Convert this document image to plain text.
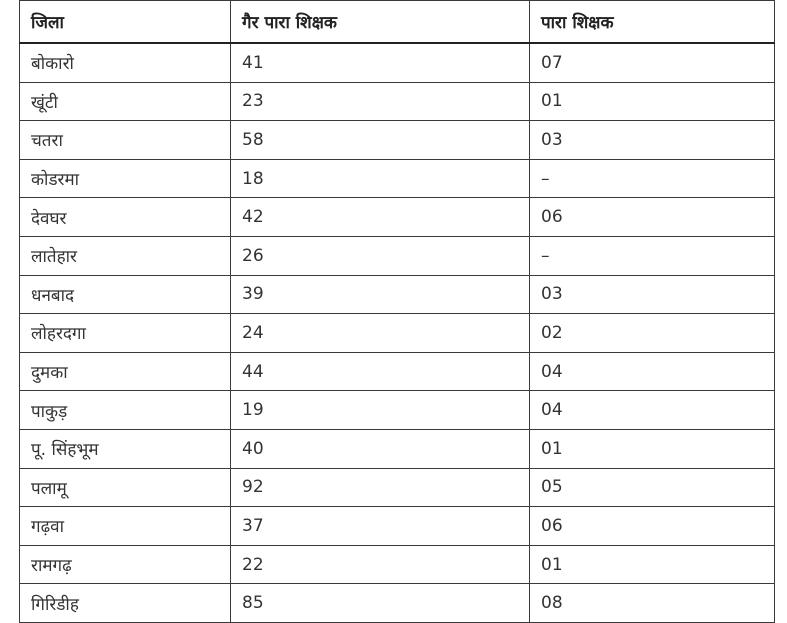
जिला	गैर पारा शिक्षक	पारा शिक्षक
बोकारो	41	07
खूंटी	23	01
चतरा	58	03
कोडरमा	18	–
देवघर	42	06
लातेहार	26	–
धनबाद	39	03
लोहरदगा	24	02
दुमका	44	04
पाकुड़	19	04
पू. सिंहभूम	40	01
पलामू	92	05
गढ़वा	37	06
रामगढ़	22	01
गिरिडीह	85	08
